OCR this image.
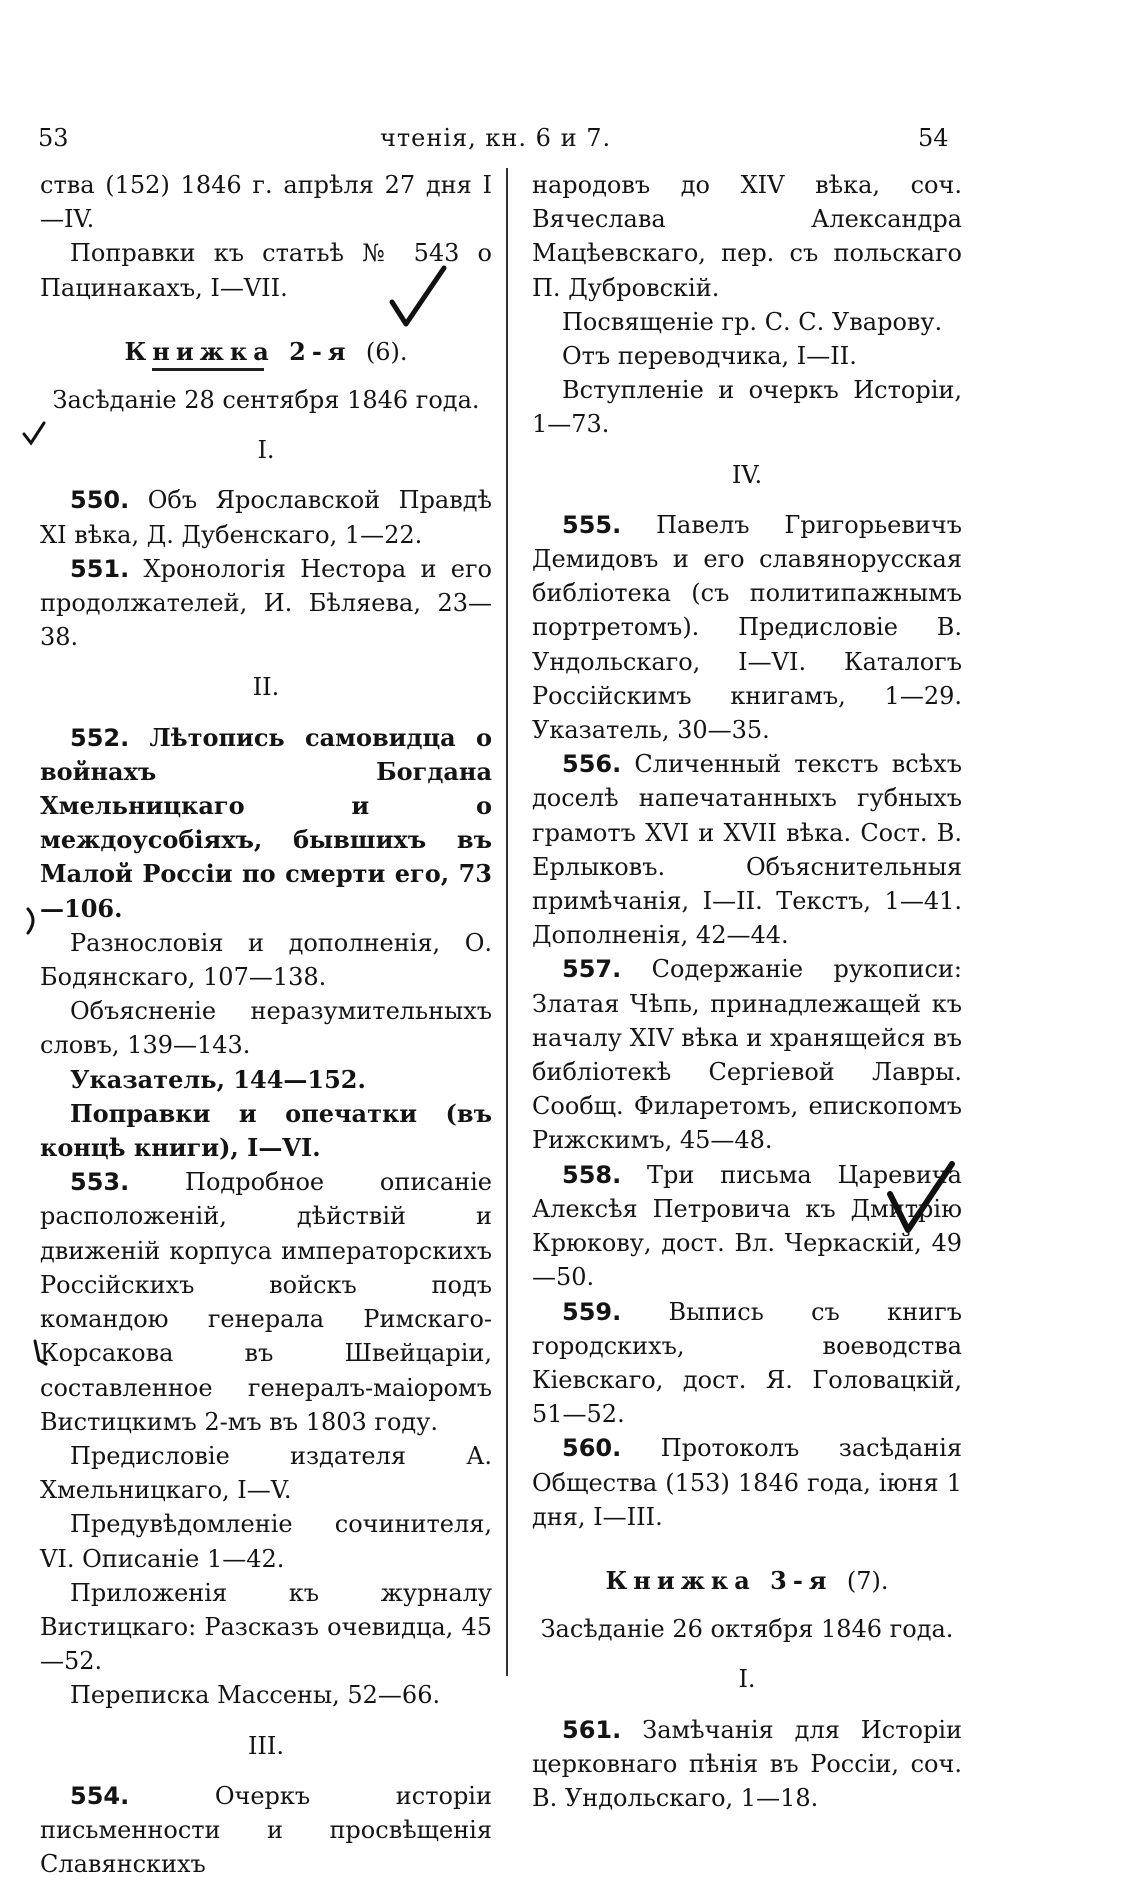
53	чтенія, кн. 6 и 7.	54

ства (152) 1846 г. апрѣля 27 дня I—IV.

Поправки къ статьѣ № 543 о Пацинакахъ, I—VII.

Книжка 2-я (6).

Засѣданіе 28 сентября 1846 года.

I.

550. Объ Ярославской Правдѣ XI вѣка, Д. Дубенскаго, 1—22.

551. Хронологія Нестора и его продолжателей, И. Бѣляева, 23—38.

II.

552. Лѣтопись самовидца о войнахъ Богдана Хмельницкаго и о междоусобіяхъ, бывшихъ въ Малой Россіи по смерти его, 73—106.

Разнословія и дополненія, О. Бодянскаго, 107—138.

Объясненіе неразумительныхъ словъ, 139—143.

Указатель, 144—152.

Поправки и опечатки (въ концѣ книги), I—VI.

553. Подробное описаніе расположеній, дѣйствій и движеній корпуса императорскихъ Россійскихъ войскъ подъ командою генерала Римскаго-Корсакова въ Швейцаріи, составленное генералъ-маіоромъ Вистицкимъ 2-мъ въ 1803 году.

Предисловіе издателя А. Хмельницкаго, I—V.

Предувѣдомленіе сочинителя, VI. Описаніе 1—42.

Приложенія къ журналу Вистицкаго: Разсказъ очевидца, 45—52.

Переписка Массены, 52—66.

III.

554.	Очеркъ исторіи письменности и просвѣщенія Славянскихъ

народовъ до XIV вѣка, соч. Вячеслава Александра Мацѣевскаго, пер. съ польскаго П. Дубровскій.

Посвященіе гр. С. С. Уварову.

Отъ переводчика, I—II.

Вступленіе и очеркъ Исторіи, 1—73.

IV.

555. Павелъ Григорьевичъ Демидовъ и его славянорусская библіотека (съ политипажнымъ портретомъ). Предисловіе В. Ундольскаго, I—VI. Каталогъ Россійскимъ книгамъ, 1—29. Указатель, 30—35.

556. Сличенный текстъ всѣхъ доселѣ напечатанныхъ губныхъ грамотъ XVI и XVII вѣка. Сост. В. Ерлыковъ. Объяснительныя примѣчанія, I—II. Текстъ, 1—41. Дополненія, 42—44.

557. Содержаніе рукописи: Златая Чѣпь, принадлежащей къ началу XIV вѣка и хранящейся въ библіотекѣ Сергіевой Лавры. Сообщ. Филаретомъ, епископомъ Рижскимъ, 45—48.

558. Три письма Царевича Алексѣя Петровича къ Дмитрію Крюкову, дост. Вл. Черкаскій, 49—50.

559. Выпись съ книгъ городскихъ, воеводства Кіевскаго, дост. Я. Головацкій, 51—52.

560. Протоколъ засѣданія Общества (153) 1846 года, іюня 1 дня, I—III.

Книжка 3-я (7).

Засѣданіе 26 октября 1846 года.

I.

561. Замѣчанія для Исторіи церковнаго пѣнія въ Россіи, соч. В. Ундольскаго, 1—18.
